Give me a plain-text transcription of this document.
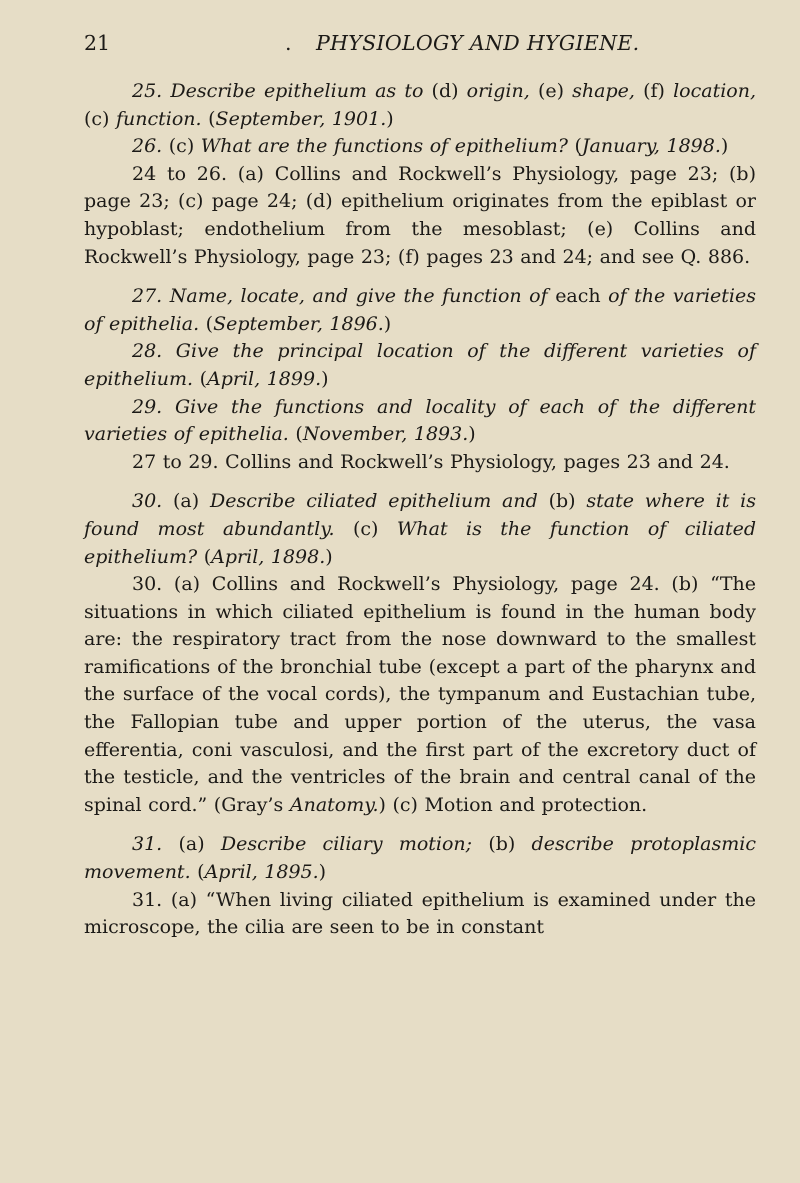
21	. PHYSIOLOGY AND HYGIENE.

25. Describe epithelium as to (d) origin, (e) shape, (f) location, (c) function. (September, 1901.)

26. (c) What are the functions of epithelium? (January, 1898.)

24 to 26. (a) Collins and Rockwell’s Physiology, page 23; (b) page 23; (c) page 24; (d) epithelium originates from the epiblast or hypoblast; endothelium from the mesoblast; (e) Collins and Rockwell’s Physiology, page 23; (f) pages 23 and 24; and see Q. 886.

27. Name, locate, and give the function of each of the varieties of epithelia. (September, 1896.)

28. Give the principal location of the different varieties of epithelium. (April, 1899.)

29. Give the functions and locality of each of the different varieties of epithelia. (November, 1893.)

27 to 29. Collins and Rockwell’s Physiology, pages 23 and 24.

30. (a) Describe ciliated epithelium and (b) state where it is found most abundantly. (c) What is the function of ciliated epithelium? (April, 1898.)

30. (a) Collins and Rockwell’s Physiology, page 24. (b) “The situations in which ciliated epithelium is found in the human body are: the respiratory tract from the nose downward to the smallest ramifications of the bronchial tube (except a part of the pharynx and the surface of the vocal cords), the tympanum and Eustachian tube, the Fallopian tube and upper portion of the uterus, the vasa efferentia, coni vasculosi, and the first part of the excretory duct of the testicle, and the ventricles of the brain and central canal of the spinal cord.” (Gray’s Anatomy.) (c) Motion and protection.

31. (a) Describe ciliary motion; (b) describe protoplasmic movement. (April, 1895.)

31. (a) “When living ciliated epithelium is examined under the microscope, the cilia are seen to be in constant
